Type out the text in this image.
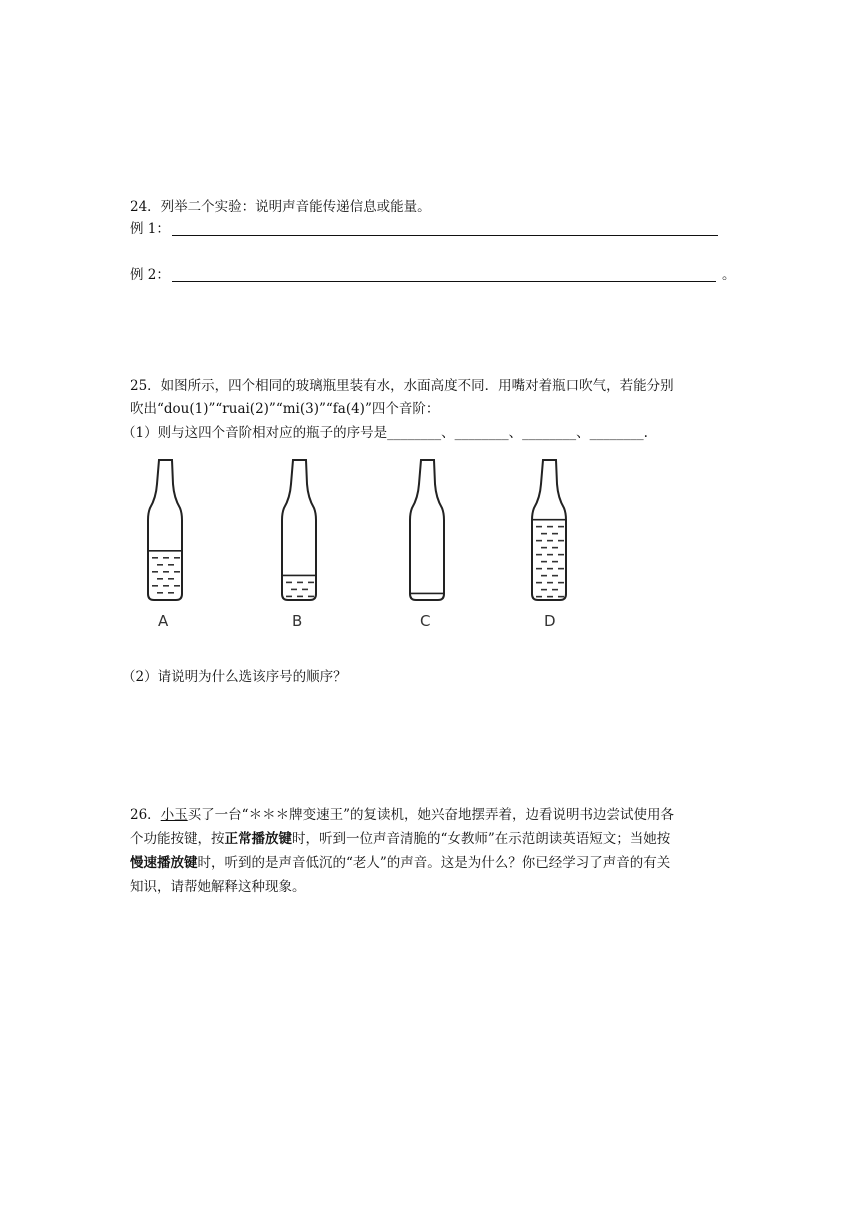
24．列举二个实验：说明声音能传递信息或能量。
例 1：
例 2：	。
25．如图所示，四个相同的玻璃瓶里装有水，水面高度不同．用嘴对着瓶口吹气，若能分别
吹出“dou(1)”“ruai(2)”“mi(3)”“fa(4)”四个音阶：
（1）则与这四个音阶相对应的瓶子的序号是________、________、________、________.
A	B	C	D
（2）请说明为什么选该序号的顺序？
26．小玉买了一台“＊＊＊牌变速王”的复读机，她兴奋地摆弄着，边看说明书边尝试使用各
个功能按键，按正常播放键时，听到一位声音清脆的“女教师”在示范朗读英语短文；当她按
慢速播放键时，听到的是声音低沉的“老人”的声音。这是为什么？你已经学习了声音的有关
知识，请帮她解释这种现象。
